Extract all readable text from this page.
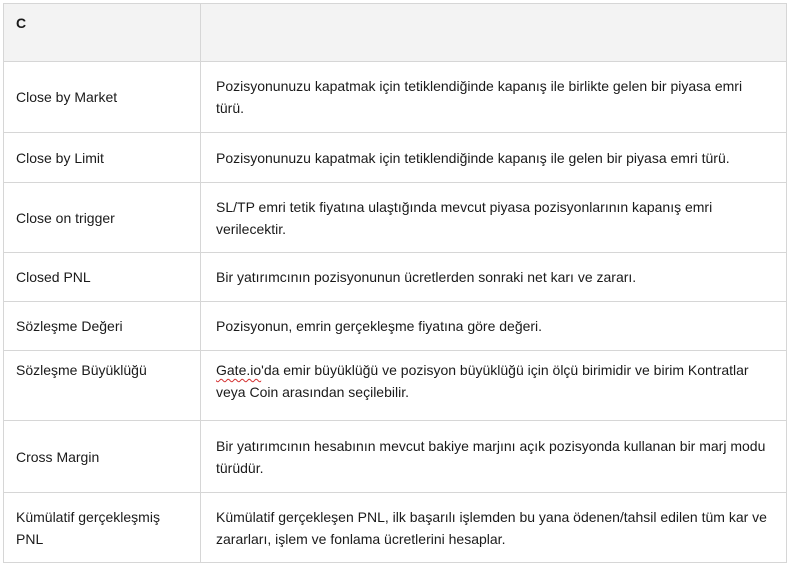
C	
Close by Market	Pozisyonunuzu kapatmak için tetiklendiğinde kapanış ile birlikte gelen bir piyasa emri türü.
Close by Limit	Pozisyonunuzu kapatmak için tetiklendiğinde kapanış ile gelen bir piyasa emri türü.
Close on trigger	SL/TP emri tetik fiyatına ulaştığında mevcut piyasa pozisyonlarının kapanış emri verilecektir.
Closed PNL	Bir yatırımcının pozisyonunun ücretlerden sonraki net karı ve zararı.
Sözleşme Değeri	Pozisyonun, emrin gerçekleşme fiyatına göre değeri.
Sözleşme Büyüklüğü	Gate.io'da emir büyüklüğü ve pozisyon büyüklüğü için ölçü birimidir ve birim Kontratlar veya Coin arasından seçilebilir.
Cross Margin	Bir yatırımcının hesabının mevcut bakiye marjını açık pozisyonda kullanan bir marj modu türüdür.
Kümülatif gerçekleşmiş PNL	Kümülatif gerçekleşen PNL, ilk başarılı işlemden bu yana ödenen/tahsil edilen tüm kar ve zararları, işlem ve fonlama ücretlerini hesaplar.
